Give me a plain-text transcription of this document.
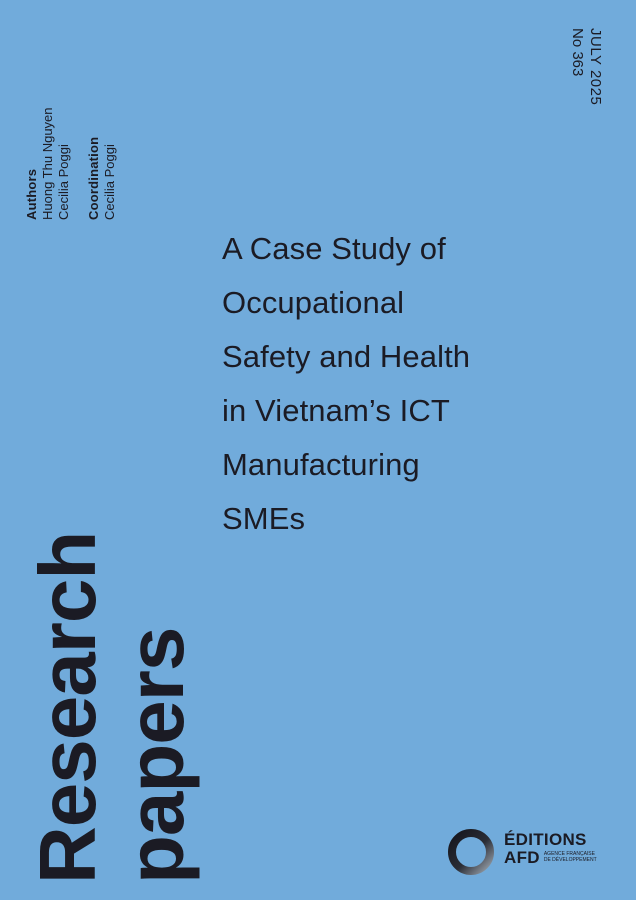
Authors Huong Thu Nguyen Cecilia Poggi Coordination Cecilia Poggi
JULY 2025
No 363
A Case Study of
Occupational
Safety and Health
in Vietnam’s ICT
Manufacturing
SMEs
Research papers	ÉDITIONS
AFD AGENCE FRANÇAISE
DE DÉVELOPPEMENT
